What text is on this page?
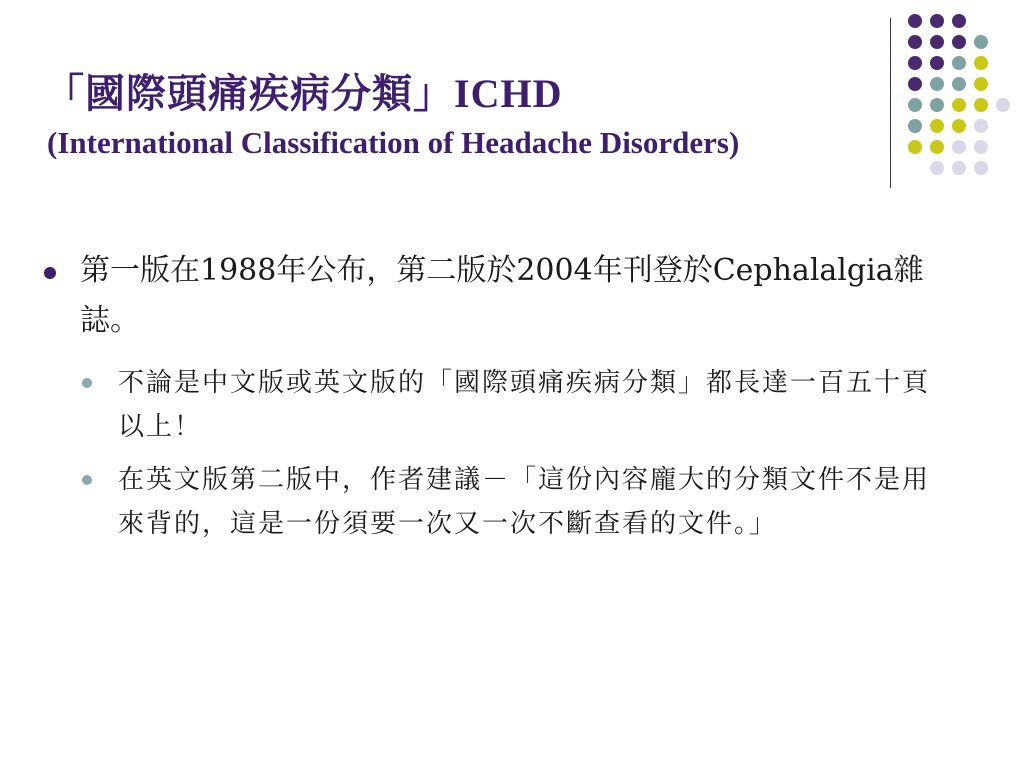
「國際頭痛疾病分類」ICHD
(International Classification of Headache Disorders)
第一版在1988年公布，第二版於2004年刊登於Cephalalgia雜誌。
不論是中文版或英文版的「國際頭痛疾病分類」都長達一百五十頁以上！
在英文版第二版中，作者建議－「這份內容龐大的分類文件不是用來背的，這是一份須要一次又一次不斷查看的文件。」
